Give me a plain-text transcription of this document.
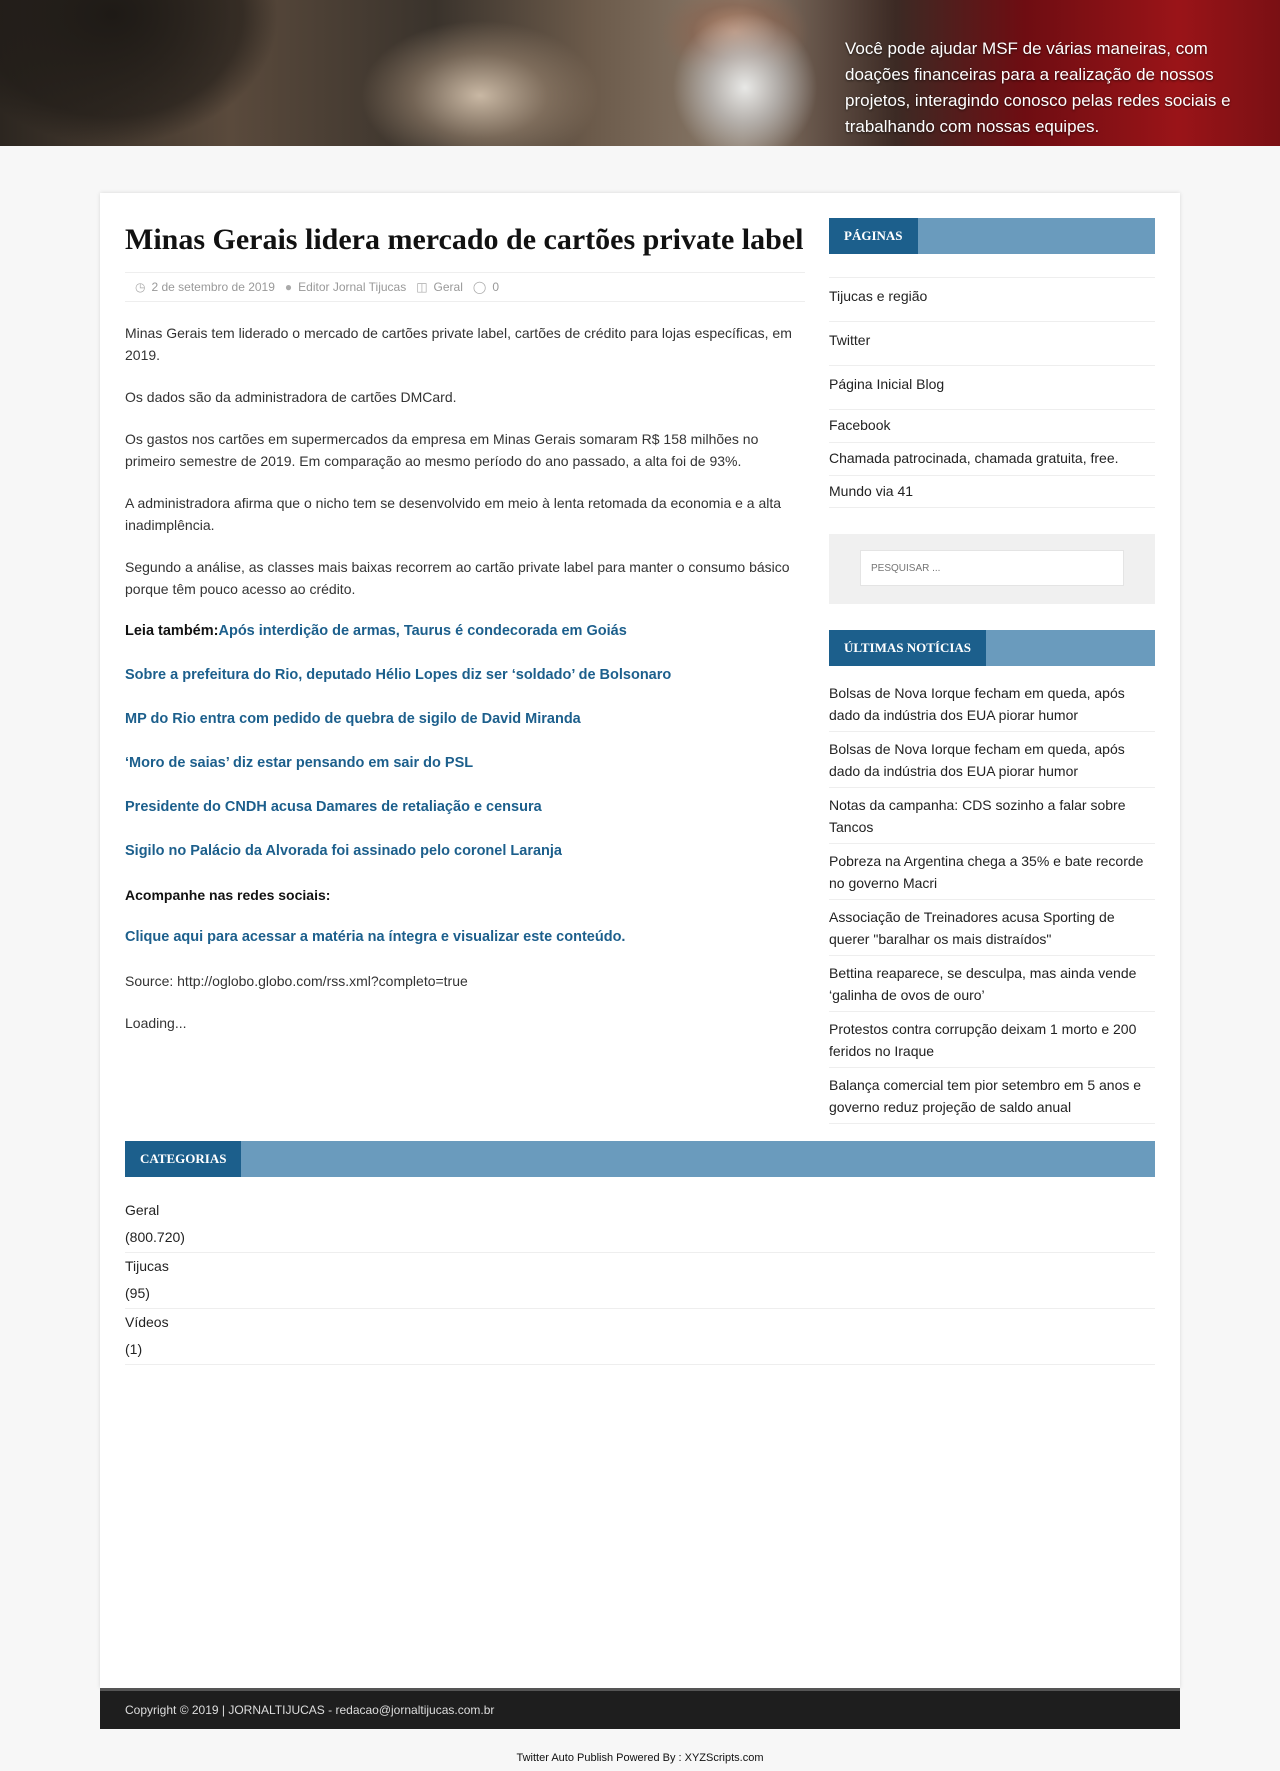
Você pode ajudar MSF de várias maneiras, com doações financeiras para a realização de nossos projetos, interagindo conosco pelas redes sociais e trabalhando com nossas equipes.
Minas Gerais lidera mercado de cartões private label
◷ 2 de setembro de 2019 ● Editor Jornal Tijucas ◫ Geral ◯ 0

Minas Gerais tem liderado o mercado de cartões private label, cartões de crédito para lojas específicas, em 2019.

Os dados são da administradora de cartões DMCard.

Os gastos nos cartões em supermercados da empresa em Minas Gerais somaram R$ 158 milhões no primeiro semestre de 2019. Em comparação ao mesmo período do ano passado, a alta foi de 93%.

A administradora afirma que o nicho tem se desenvolvido em meio à lenta retomada da economia e a alta inadimplência.

Segundo a análise, as classes mais baixas recorrem ao cartão private label para manter o consumo básico porque têm pouco acesso ao crédito.

Leia também:Após interdição de armas, Taurus é condecorada em Goiás

Sobre a prefeitura do Rio, deputado Hélio Lopes diz ser ‘soldado’ de Bolsonaro

MP do Rio entra com pedido de quebra de sigilo de David Miranda

‘Moro de saias’ diz estar pensando em sair do PSL

Presidente do CNDH acusa Damares de retaliação e censura

Sigilo no Palácio da Alvorada foi assinado pelo coronel Laranja

Acompanhe nas redes sociais:

Clique aqui para acessar a matéria na íntegra e visualizar este conteúdo.

Source: http://oglobo.globo.com/rss.xml?completo=true

Loading...

PÁGINAS
Tijucas e região
Twitter
Página Inicial Blog
Facebook
Chamada patrocinada, chamada gratuita, free.
Mundo via 41
PESQUISAR ...
ÚLTIMAS NOTÍCIAS
Bolsas de Nova Iorque fecham em queda, após dado da indústria dos EUA piorar humor
Bolsas de Nova Iorque fecham em queda, após dado da indústria dos EUA piorar humor
Notas da campanha: CDS sozinho a falar sobre Tancos
Pobreza na Argentina chega a 35% e bate recorde no governo Macri
Associação de Treinadores acusa Sporting de querer "baralhar os mais distraídos"
Bettina reaparece, se desculpa, mas ainda vende ‘galinha de ovos de ouro’
Protestos contra corrupção deixam 1 morto e 200 feridos no Iraque
Balança comercial tem pior setembro em 5 anos e governo reduz projeção de saldo anual
CATEGORIAS
Geral
(800.720)
Tijucas
(95)
Vídeos
(1)
Copyright © 2019 | JORNALTIJUCAS - redacao@jornaltijucas.com.br
Twitter Auto Publish Powered By : XYZScripts.com
